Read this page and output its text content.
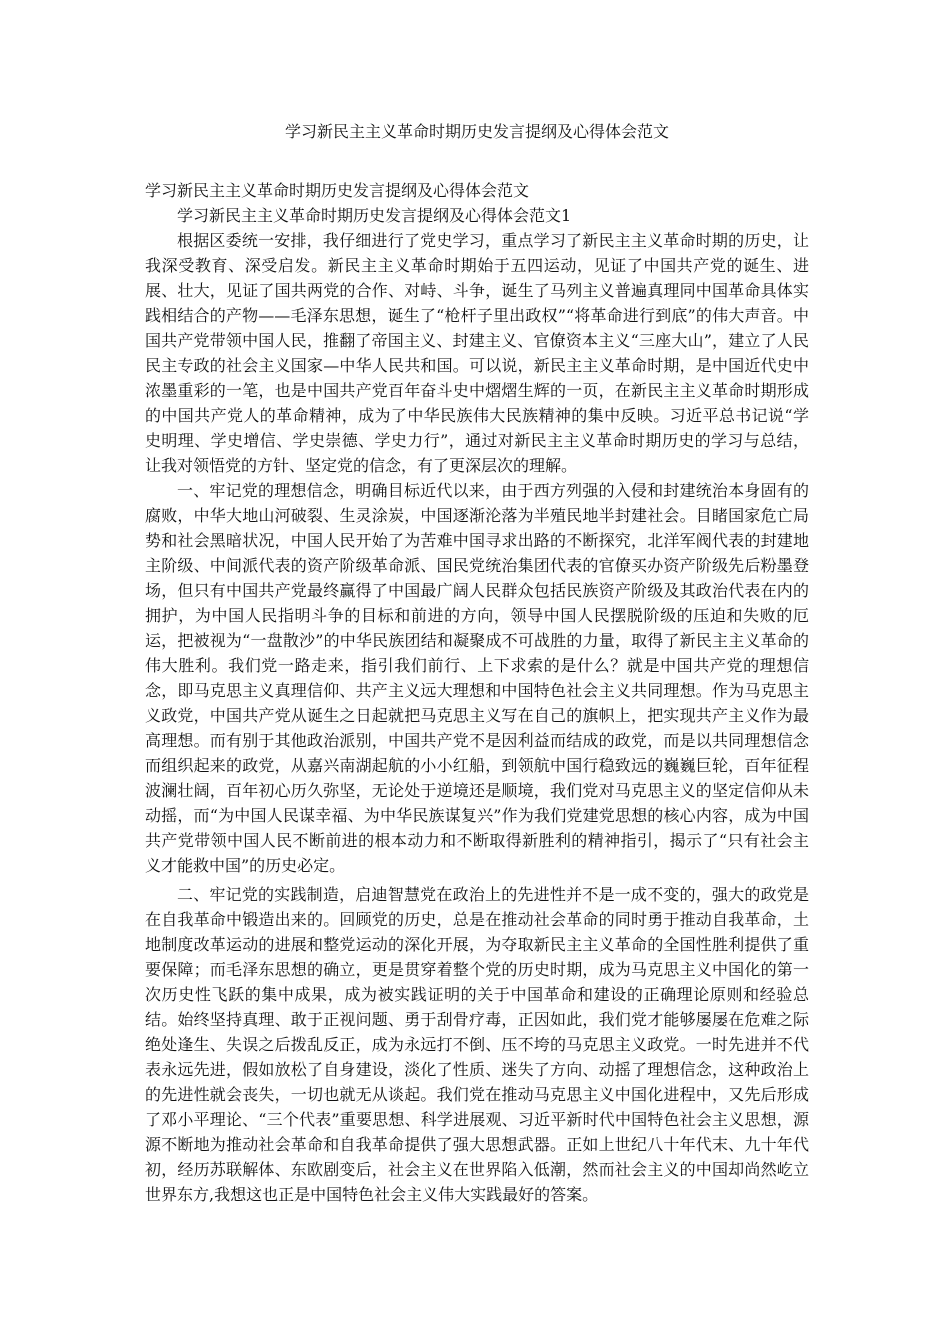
学习新民主主义革命时期历史发言提纲及心得体会范文

学习新民主主义革命时期历史发言提纲及心得体会范文

学习新民主主义革命时期历史发言提纲及心得体会范文1

根据区委统一安排，我仔细进行了党史学习，重点学习了新民主主义革命时期的历史，让我深受教育、深受启发。新民主主义革命时期始于五四运动，见证了中国共产党的诞生、进展、壮大，见证了国共两党的合作、对峙、斗争，诞生了马列主义普遍真理同中国革命具体实践相结合的产物——毛泽东思想，诞生了“枪杆子里出政权”“将革命进行到底”的伟大声音。中国共产党带领中国人民，推翻了帝国主义、封建主义、官僚资本主义“三座大山”，建立了人民民主专政的社会主义国家—中华人民共和国。可以说，新民主主义革命时期，是中国近代史中浓墨重彩的一笔，也是中国共产党百年奋斗史中熠熠生辉的一页，在新民主主义革命时期形成的中国共产党人的革命精神，成为了中华民族伟大民族精神的集中反映。习近平总书记说“学史明理、学史增信、学史崇德、学史力行”，通过对新民主主义革命时期历史的学习与总结，让我对领悟党的方针、坚定党的信念，有了更深层次的理解。

一、牢记党的理想信念，明确目标近代以来，由于西方列强的入侵和封建统治本身固有的腐败，中华大地山河破裂、生灵涂炭，中国逐渐沦落为半殖民地半封建社会。目睹国家危亡局势和社会黑暗状况，中国人民开始了为苦难中国寻求出路的不断探究，北洋军阀代表的封建地主阶级、中间派代表的资产阶级革命派、国民党统治集团代表的官僚买办资产阶级先后粉墨登场，但只有中国共产党最终赢得了中国最广阔人民群众包括民族资产阶级及其政治代表在内的拥护，为中国人民指明斗争的目标和前进的方向，领导中国人民摆脱阶级的压迫和失败的厄运，把被视为“一盘散沙”的中华民族团结和凝聚成不可战胜的力量，取得了新民主主义革命的伟大胜利。我们党一路走来，指引我们前行、上下求索的是什么？就是中国共产党的理想信念，即马克思主义真理信仰、共产主义远大理想和中国特色社会主义共同理想。作为马克思主义政党，中国共产党从诞生之日起就把马克思主义写在自己的旗帜上，把实现共产主义作为最高理想。而有别于其他政治派别，中国共产党不是因利益而结成的政党，而是以共同理想信念而组织起来的政党，从嘉兴南湖起航的小小红船，到领航中国行稳致远的巍巍巨轮，百年征程波澜壮阔，百年初心历久弥坚，无论处于逆境还是顺境，我们党对马克思主义的坚定信仰从未动摇，而“为中国人民谋幸福、为中华民族谋复兴”作为我们党建党思想的核心内容，成为中国共产党带领中国人民不断前进的根本动力和不断取得新胜利的精神指引，揭示了“只有社会主义才能救中国”的历史必定。

二、牢记党的实践制造，启迪智慧党在政治上的先进性并不是一成不变的，强大的政党是在自我革命中锻造出来的。回顾党的历史，总是在推动社会革命的同时勇于推动自我革命，土地制度改革运动的进展和整党运动的深化开展，为夺取新民主主义革命的全国性胜利提供了重要保障；而毛泽东思想的确立，更是贯穿着整个党的历史时期，成为马克思主义中国化的第一次历史性飞跃的集中成果，成为被实践证明的关于中国革命和建设的正确理论原则和经验总结。始终坚持真理、敢于正视问题、勇于刮骨疗毒，正因如此，我们党才能够屡屡在危难之际绝处逢生、失误之后拨乱反正，成为永远打不倒、压不垮的马克思主义政党。一时先进并不代表永远先进，假如放松了自身建设，淡化了性质、迷失了方向、动摇了理想信念，这种政治上的先进性就会丧失，一切也就无从谈起。我们党在推动马克思主义中国化进程中，又先后形成了邓小平理论、“三个代表”重要思想、科学进展观、习近平新时代中国特色社会主义思想，源源不断地为推动社会革命和自我革命提供了强大思想武器。正如上世纪八十年代末、九十年代初，经历苏联解体、东欧剧变后，社会主义在世界陷入低潮，然而社会主义的中国却尚然屹立世界东方,我想这也正是中国特色社会主义伟大实践最好的答案。
